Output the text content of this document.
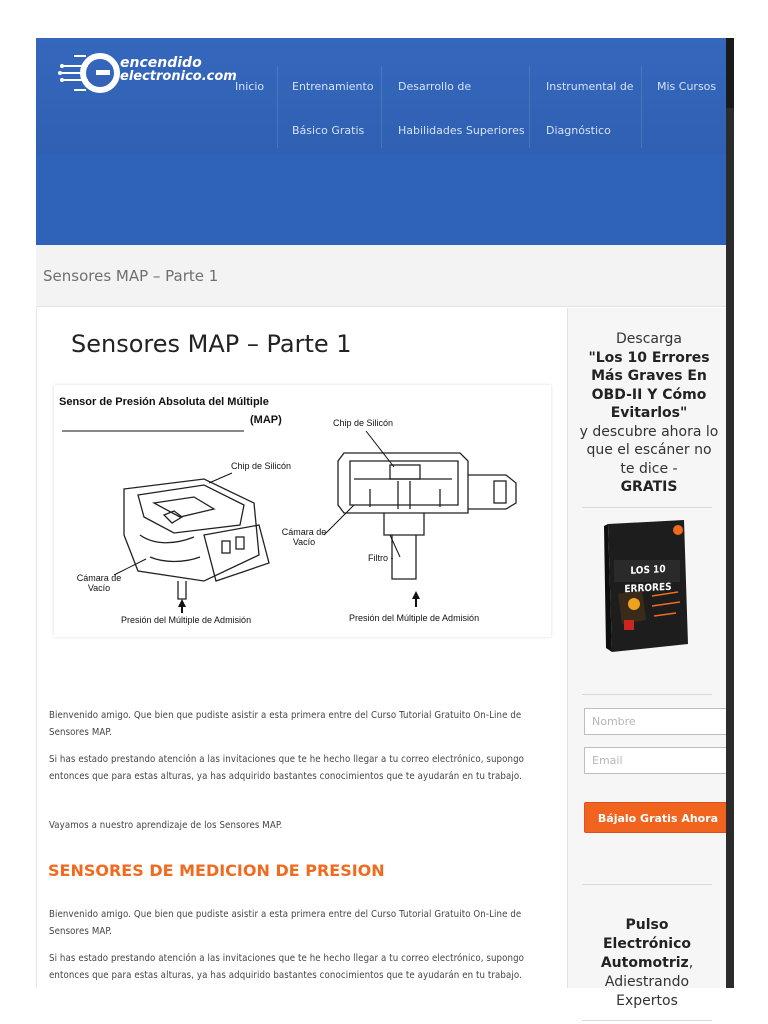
encendido
electronico.com
Inicio	Entrenamiento
Básico Gratis
Desarrollo de
Habilidades Superiores
Instrumental de
Diagnóstico
Mis Cursos
Sensores MAP – Parte 1
Sensores MAP – Parte 1
Sensor de Presión Absoluta del Múltiple
(MAP)
Chip de Silicón
Cámara de Vacío
Presión del Múltiple de Admisión
Chip de Silicón
Cámara de Vacío
Filtro -
Presión del Múltiple de Admisión

Bienvenido amigo. Que bien que pudiste asistir a esta primera entre del Curso Tutorial Gratuito On-Line de Sensores MAP.

Si has estado prestando atención a las invitaciones que te he hecho llegar a tu correo electrónico, supongo entonces que para estas alturas, ya has adquirido bastantes conocimientos que te ayudarán en tu trabajo.

Vayamos a nuestro aprendizaje de los Sensores MAP.

SENSORES DE MEDICION DE PRESION

Bienvenido amigo. Que bien que pudiste asistir a esta primera entre del Curso Tutorial Gratuito On-Line de Sensores MAP.

Si has estado prestando atención a las invitaciones que te he hecho llegar a tu correo electrónico, supongo entonces que para estas alturas, ya has adquirido bastantes conocimientos que te ayudarán en tu trabajo.

Descarga
"Los 10 Errores Más Graves En OBD-II Y Cómo Evitarlos"
y descubre ahora lo que el escáner no te dice -
GRATIS
LOS 10 ERRORES
Nombre
Email
Bájalo Gratis Ahora
Pulso Electrónico Automotriz, Adiestrando Expertos
